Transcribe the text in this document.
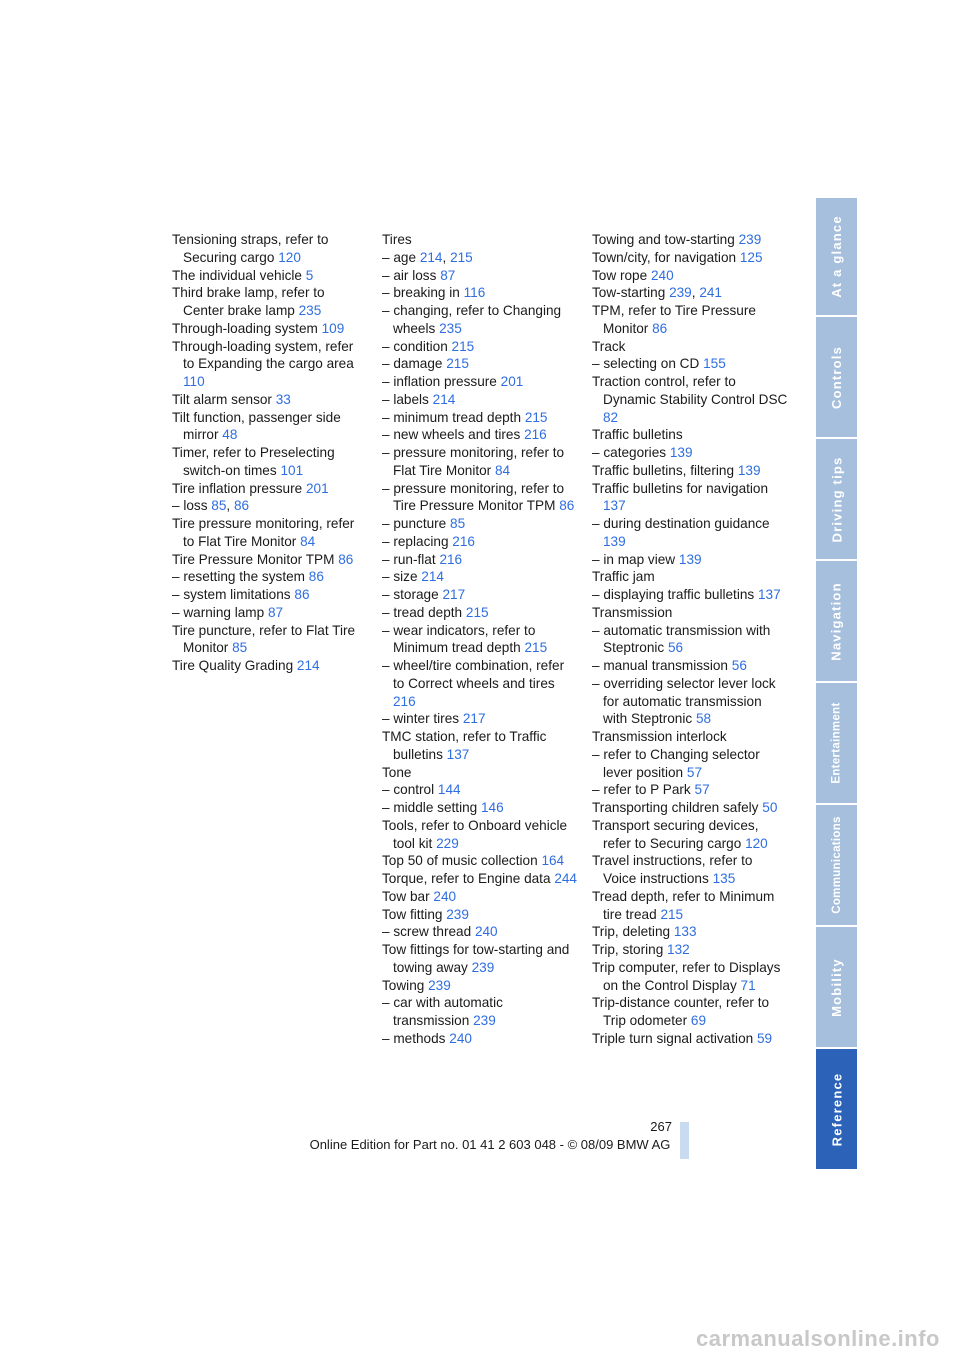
Tensioning straps, refer to Securing cargo 120
The individual vehicle 5
Third brake lamp, refer to Center brake lamp 235
Through-loading system 109
Through-loading system, refer to Expanding the cargo area 110
Tilt alarm sensor 33
Tilt function, passenger side mirror 48
Timer, refer to Preselecting switch-on times 101
Tire inflation pressure 201
– loss 85, 86
Tire pressure monitoring, refer to Flat Tire Monitor 84
Tire Pressure Monitor TPM 86
– resetting the system 86
– system limitations 86
– warning lamp 87
Tire puncture, refer to Flat Tire Monitor 85
Tire Quality Grading 214
Tires
– age 214, 215
– air loss 87
– breaking in 116
– changing, refer to Changing wheels 235
– condition 215
– damage 215
– inflation pressure 201
– labels 214
– minimum tread depth 215
– new wheels and tires 216
– pressure monitoring, refer to Flat Tire Monitor 84
– pressure monitoring, refer to Tire Pressure Monitor TPM 86
– puncture 85
– replacing 216
– run-flat 216
– size 214
– storage 217
– tread depth 215
– wear indicators, refer to Minimum tread depth 215
– wheel/tire combination, refer to Correct wheels and tires 216
– winter tires 217
TMC station, refer to Traffic bulletins 137
Tone
– control 144
– middle setting 146
Tools, refer to Onboard vehicle tool kit 229
Top 50 of music collection 164
Torque, refer to Engine data 244
Tow bar 240
Tow fitting 239
– screw thread 240
Tow fittings for tow-starting and towing away 239
Towing 239
– car with automatic transmission 239
– methods 240
Towing and tow-starting 239
Town/city, for navigation 125
Tow rope 240
Tow-starting 239, 241
TPM, refer to Tire Pressure Monitor 86
Track
– selecting on CD 155
Traction control, refer to Dynamic Stability Control DSC 82
Traffic bulletins
– categories 139
Traffic bulletins, filtering 139
Traffic bulletins for navigation 137
– during destination guidance 139
– in map view 139
Traffic jam
– displaying traffic bulletins 137
Transmission
– automatic transmission with Steptronic 56
– manual transmission 56
– overriding selector lever lock for automatic transmission with Steptronic 58
Transmission interlock
– refer to Changing selector lever position 57
– refer to P Park 57
Transporting children safely 50
Transport securing devices, refer to Securing cargo 120
Travel instructions, refer to Voice instructions 135
Tread depth, refer to Minimum tire tread 215
Trip, deleting 133
Trip, storing 132
Trip computer, refer to Displays on the Control Display 71
Trip-distance counter, refer to Trip odometer 69
Triple turn signal activation 59
At a glance
Controls
Driving tips
Navigation
Entertainment
Communications
Mobility
Reference
267
Online Edition for Part no. 01 41 2 603 048 - © 08/09 BMW AG
carmanualsonline.info
